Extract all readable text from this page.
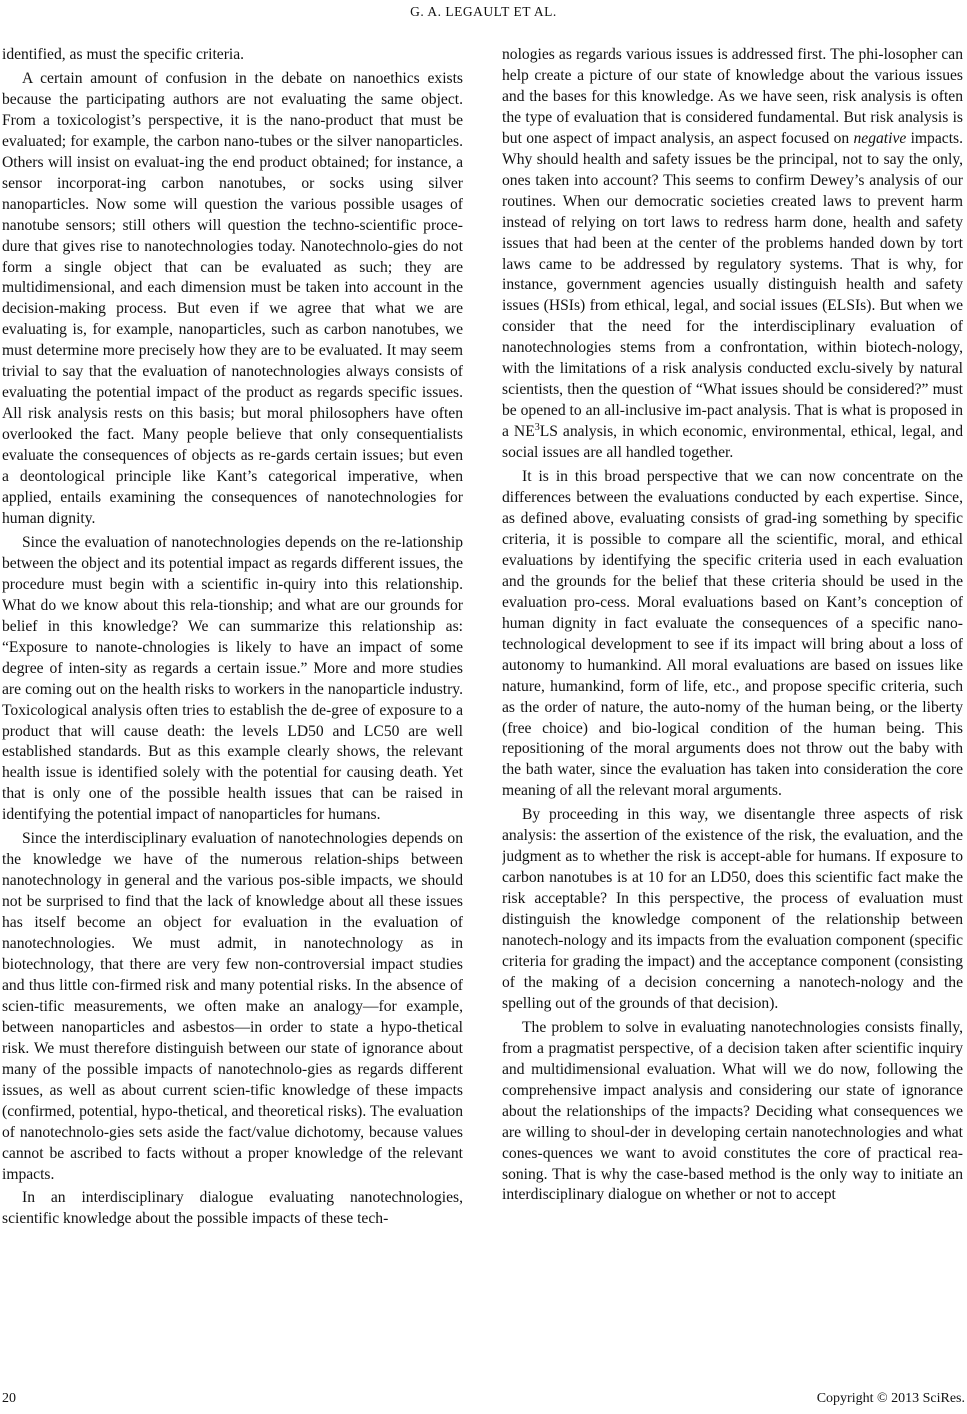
G. A. LEGAULT ET AL.

identified, as must the specific criteria.

A certain amount of confusion in the debate on nanoethics exists because the participating authors are not evaluating the same object. From a toxicologist’s perspective, it is the nano-product that must be evaluated; for example, the carbon nano-tubes or the silver nanoparticles. Others will insist on evaluat-ing the end product obtained; for instance, a sensor incorporat-ing carbon nanotubes, or socks using silver nanoparticles. Now some will question the various possible usages of nanotube sensors; still others will question the techno-scientific proce-dure that gives rise to nanotechnologies today. Nanotechnolo-gies do not form a single object that can be evaluated as such; they are multidimensional, and each dimension must be taken into account in the decision-making process. But even if we agree that what we are evaluating is, for example, nanoparticles, such as carbon nanotubes, we must determine more precisely how they are to be evaluated. It may seem trivial to say that the evaluation of nanotechnologies always consists of evaluating the potential impact of the product as regards specific issues. All risk analysis rests on this basis; but moral philosophers have often overlooked the fact. Many people believe that only consequentialists evaluate the consequences of objects as re-gards certain issues; but even a deontological principle like Kant’s categorical imperative, when applied, entails examining the consequences of nanotechnologies for human dignity.

Since the evaluation of nanotechnologies depends on the re-lationship between the object and its potential impact as regards different issues, the procedure must begin with a scientific in-quiry into this relationship. What do we know about this rela-tionship; and what are our grounds for belief in this knowledge? We can summarize this relationship as: “Exposure to nanote-chnologies is likely to have an impact of some degree of inten-sity as regards a certain issue.” More and more studies are coming out on the health risks to workers in the nanoparticle industry. Toxicological analysis often tries to establish the de-gree of exposure to a product that will cause death: the levels LD50 and LC50 are well established standards. But as this example clearly shows, the relevant health issue is identified solely with the potential for causing death. Yet that is only one of the possible health issues that can be raised in identifying the potential impact of nanoparticles for humans.

Since the interdisciplinary evaluation of nanotechnologies depends on the knowledge we have of the numerous relation-ships between nanotechnology in general and the various pos-sible impacts, we should not be surprised to find that the lack of knowledge about all these issues has itself become an object for evaluation in the evaluation of nanotechnologies. We must admit, in nanotechnology as in biotechnology, that there are very few non-controversial impact studies and thus little con-firmed risk and many potential risks. In the absence of scien-tific measurements, we often make an analogy—for example, between nanoparticles and asbestos—in order to state a hypo-thetical risk. We must therefore distinguish between our state of ignorance about many of the possible impacts of nanotechnolo-gies as regards different issues, as well as about current scien-tific knowledge of these impacts (confirmed, potential, hypo-thetical, and theoretical risks). The evaluation of nanotechnolo-gies sets aside the fact/value dichotomy, because values cannot be ascribed to facts without a proper knowledge of the relevant impacts.

In an interdisciplinary dialogue evaluating nanotechnologies, scientific knowledge about the possible impacts of these tech-

nologies as regards various issues is addressed first. The phi-losopher can help create a picture of our state of knowledge about the various issues and the bases for this knowledge. As we have seen, risk analysis is often the type of evaluation that is considered fundamental. But risk analysis is but one aspect of impact analysis, an aspect focused on negative impacts. Why should health and safety issues be the principal, not to say the only, ones taken into account? This seems to confirm Dewey’s analysis of our routines. When our democratic societies created laws to prevent harm instead of relying on tort laws to redress harm done, health and safety issues that had been at the center of the problems handed down by tort laws came to be addressed by regulatory systems. That is why, for instance, government agencies usually distinguish health and safety issues (HSIs) from ethical, legal, and social issues (ELSIs). But when we consider that the need for the interdisciplinary evaluation of nanotechnologies stems from a confrontation, within biotech-nology, with the limitations of a risk analysis conducted exclu-sively by natural scientists, then the question of “What issues should be considered?” must be opened to an all-inclusive im-pact analysis. That is what is proposed in a $NE^3LS$ analysis, in which economic, environmental, ethical, legal, and social issues are all handled together.

It is in this broad perspective that we can now concentrate on the differences between the evaluations conducted by each expertise. Since, as defined above, evaluating consists of grad-ing something by specific criteria, it is possible to compare all the scientific, moral, and ethical evaluations by identifying the specific criteria used in each evaluation and the grounds for the belief that these criteria should be used in the evaluation pro-cess. Moral evaluations based on Kant’s conception of human dignity in fact evaluate the consequences of a specific nano-technological development to see if its impact will bring about a loss of autonomy to humankind. All moral evaluations are based on issues like nature, humankind, form of life, etc., and propose specific criteria, such as the order of nature, the auto-nomy of the human being, or the liberty (free choice) and bio-logical condition of the human being. This repositioning of the moral arguments does not throw out the baby with the bath water, since the evaluation has taken into consideration the core meaning of all the relevant moral arguments.

By proceeding in this way, we disentangle three aspects of risk analysis: the assertion of the existence of the risk, the evaluation, and the judgment as to whether the risk is accept-able for humans. If exposure to carbon nanotubes is at 10 for an LD50, does this scientific fact make the risk acceptable? In this perspective, the process of evaluation must distinguish the knowledge component of the relationship between nanotech-nology and its impacts from the evaluation component (specific criteria for grading the impact) and the acceptance component (consisting of the making of a decision concerning a nanotech-nology and the spelling out of the grounds of that decision).

The problem to solve in evaluating nanotechnologies consists finally, from a pragmatist perspective, of a decision taken after scientific inquiry and multidimensional evaluation. What will we do now, following the comprehensive impact analysis and considering our state of ignorance about the relationships of the impacts? Deciding what consequences we are willing to shoul-der in developing certain nanotechnologies and what cones-quences we want to avoid constitutes the core of practical rea-soning. That is why the case-based method is the only way to initiate an interdisciplinary dialogue on whether or not to accept

20	Copyright © 2013 SciRes.
